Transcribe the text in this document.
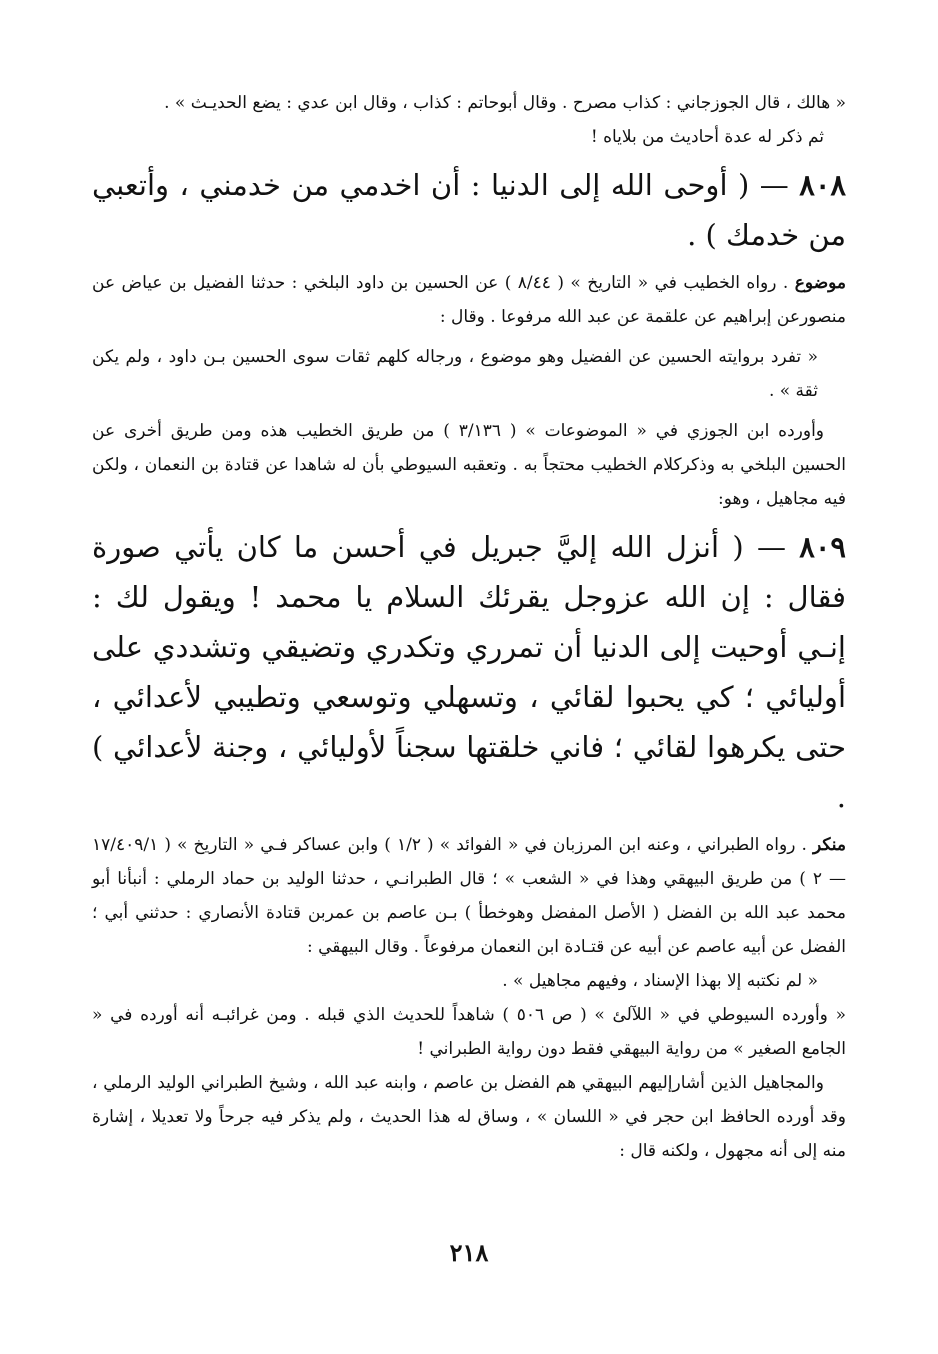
« هالك ، قال الجوزجاني : كذاب مصرح . وقال أبوحاتم : كذاب ، وقال ابن عدي : يضع الحديـث » .

ثم ذكر له عدة أحاديث من بلاياه !

٨٠٨ — ( أوحى الله إلى الدنيا : أن اخدمي من خدمني ، وأتعبي من خدمك ) .

موضوع . رواه الخطيب في « التاريخ » ( ٨/٤٤ ) عن الحسين بن داود البلخي : حدثنا الفضيل بن عياض عن منصورعن إبراهيم عن علقمة عن عبد الله مرفوعا . وقال :

« تفرد بروايته الحسين عن الفضيل وهو موضوع ، ورجاله كلهم ثقات سوى الحسين بـن داود ، ولم يكن ثقة » .

وأورده ابن الجوزي في « الموضوعات » ( ٣/١٣٦ ) من طريق الخطيب هذه ومن طريق أخرى عن الحسين البلخي به وذكركلام الخطيب محتجاً به . وتعقبه السيوطي بأن له شاهدا عن قتادة بن النعمان ، ولكن فيه مجاهيل ، وهو:

٨٠٩ — ( أنزل الله إليَّ جبريل في أحسن ما كان يأتي صورة فقال : إن الله عزوجل يقرئك السلام يا محمد ! ويقول لك : إنـي أوحيت إلى الدنيا أن تمرري وتكدري وتضيقي وتشددي على أوليائي ؛ كي يحبوا لقائي ، وتسهلي وتوسعي وتطيبي لأعدائي ، حتى يكرهوا لقائي ؛ فاني خلقتها سجناً لأوليائي ، وجنة لأعدائي ) .

منكر . رواه الطبراني ، وعنه ابن المرزبان في « الفوائد » ( ١/٢ ) وابن عساكر فـي « التاريخ » ( ١٧/٤٠٩/١ — ٢ ) من طريق البيهقي وهذا في « الشعب » ؛ قال الطبرانـي ، حدثنا الوليد بن حماد الرملي : أنبأنا أبو محمد عبد الله بن الفضل ( الأصل المفضل وهوخطأ ) بـن عاصم بن عمربن قتادة الأنصاري : حدثني أبي ؛ الفضل عن أبيه عاصم عن أبيه عن قتـادة ابن النعمان مرفوعاً . وقال البيهقي :

« لم نكتبه إلا بهذا الإسناد ، وفيهم مجاهيل » .

« وأورده السيوطي في « اللآلئ » ( ص ٥٠٦ ) شاهداً للحديث الذي قبله . ومن غرائبـه أنه أورده في « الجامع الصغير » من رواية البيهقي فقط دون رواية الطبراني !

والمجاهيل الذين أشارإليهم البيهقي هم الفضل بن عاصم ، وابنه عبد الله ، وشيخ الطبراني الوليد الرملي ، وقد أورده الحافظ ابن حجر في « اللسان » ، وساق له هذا الحديث ، ولم يذكر فيه جرحاً ولا تعديلا ، إشارة منه إلى أنه مجهول ، ولكنه قال :

٢١٨
